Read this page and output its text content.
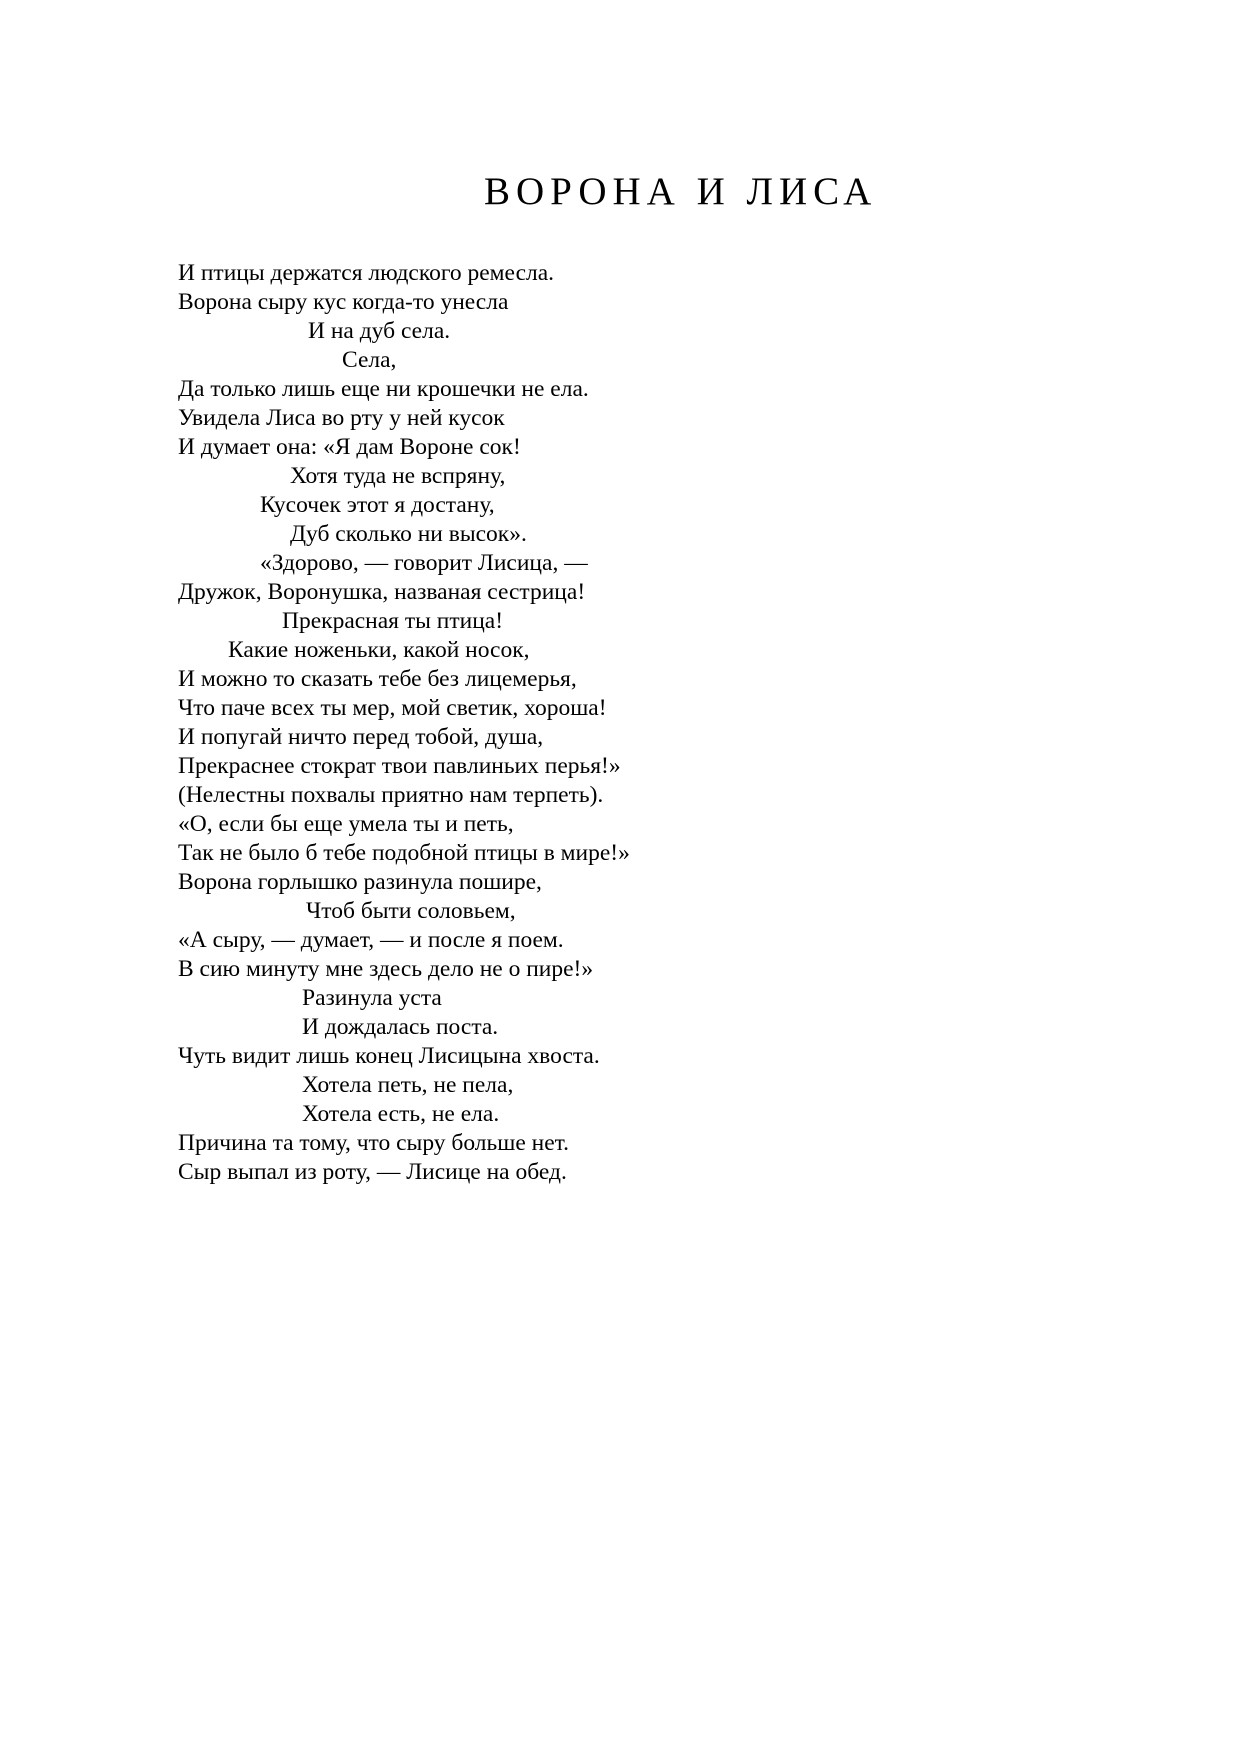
ВОРОНА И ЛИСА
И птицы держатся людского ремесла.
Ворона сыру кус когда-то унесла
И на дуб села.
Села,
Да только лишь еще ни крошечки не ела.
Увидела Лиса во рту у ней кусок
И думает она: «Я дам Вороне сок!
Хотя туда не вспряну,
Кусочек этот я достану,
Дуб сколько ни высок».
«Здорово, — говорит Лисица, —
Дружок, Воронушка, названая сестрица!
Прекрасная ты птица!
Какие ноженьки, какой носок,
И можно то сказать тебе без лицемерья,
Что паче всех ты мер, мой светик, хороша!
И попугай ничто перед тобой, душа,
Прекраснее стократ твои павлиньих перья!»
(Нелестны похвалы приятно нам терпеть).
«О, если бы еще умела ты и петь,
Так не было б тебе подобной птицы в мире!»
Ворона горлышко разинула пошире,
Чтоб быти соловьем,
«А сыру, — думает, — и после я поем.
В сию минуту мне здесь дело не о пире!»
Разинула уста
И дождалась поста.
Чуть видит лишь конец Лисицына хвоста.
Хотела петь, не пела,
Хотела есть, не ела.
Причина та тому, что сыру больше нет.
Сыр выпал из роту, — Лисице на обед.
